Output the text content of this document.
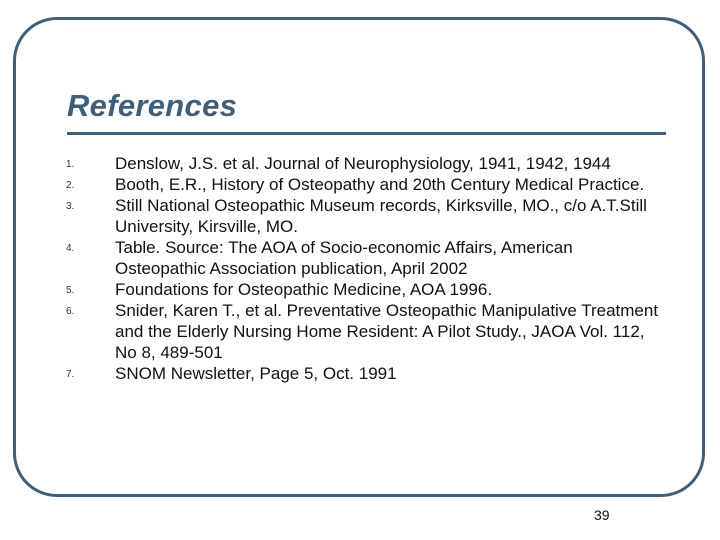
References
1.	Denslow, J.S. et al. Journal of Neurophysiology, 1941, 1942, 1944
2.	Booth, E.R., History of Osteopathy and 20th Century Medical Practice.
3.	Still National Osteopathic Museum records, Kirksville, MO., c/o A.T.Still University, Kirsville, MO.
4.	Table. Source: The AOA of Socio-economic Affairs, American Osteopathic Association publication, April 2002
5.	Foundations for Osteopathic Medicine, AOA 1996.
6.	Snider, Karen T., et al. Preventative Osteopathic Manipulative Treatment and the Elderly Nursing Home Resident: A Pilot Study., JAOA Vol. 112, No 8, 489-501
7.	SNOM Newsletter, Page 5, Oct. 1991
39
